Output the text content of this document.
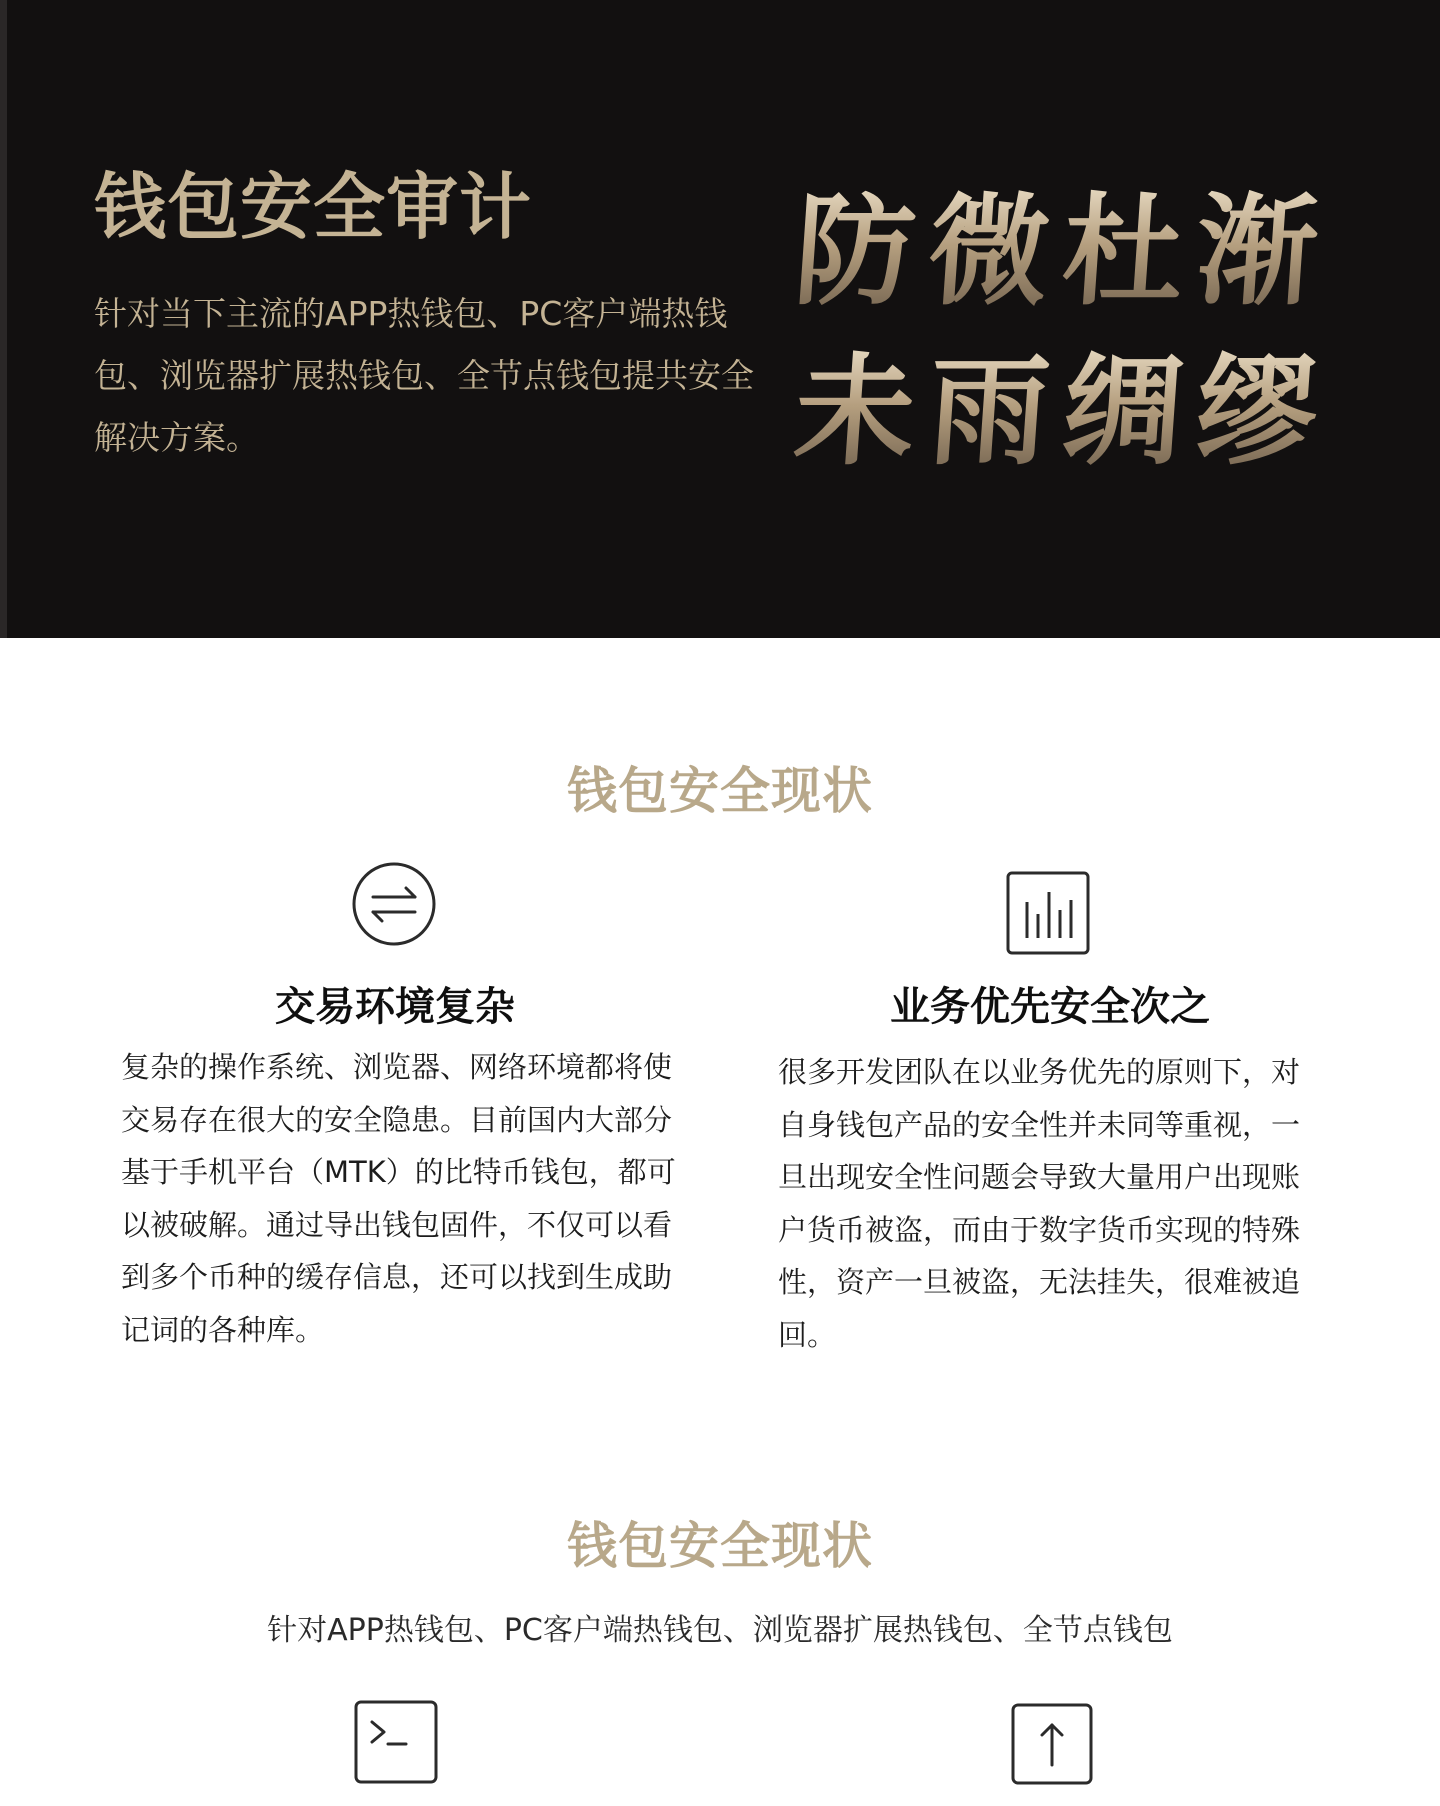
钱包安全审计

针对当下主流的APP热钱包、PC客户端热钱包、浏览器扩展热钱包、全节点钱包提共安全解决方案。

防微杜渐
未雨绸缪
钱包安全现状
交易环境复杂

复杂的操作系统、浏览器、网络环境都将使交易存在很大的安全隐患。目前国内大部分基于手机平台（MTK）的比特币钱包，都可以被破解。通过导出钱包固件，不仅可以看到多个币种的缓存信息，还可以找到生成助记词的各种库。

业务优先安全次之

很多开发团队在以业务优先的原则下，对自身钱包产品的安全性并未同等重视，一旦出现安全性问题会导致大量用户出现账户货币被盗，而由于数字货币实现的特殊性，资产一旦被盗，无法挂失，很难被追回。

钱包安全现状

针对APP热钱包、PC客户端热钱包、浏览器扩展热钱包、全节点钱包
